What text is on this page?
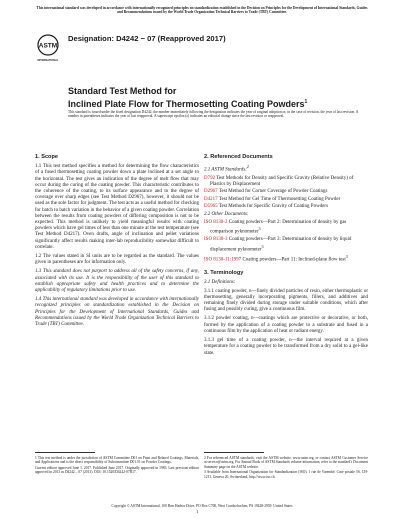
This international standard was developed in accordance with internationally recognized principles on standardization established in the Decision on Principles for the Development of International Standards, Guides and Recommendations issued by the World Trade Organization Technical Barriers to Trade (TBT) Committee.
ASTM
INTERNATIONAL
Designation: D4242 − 07 (Reapproved 2017)
Standard Test Method for
Inclined Plate Flow for Thermosetting Coating Powders$^1$
This standard is issued under the fixed designation D4242; the number immediately following the designation indicates the year of original adoption or, in the case of revision, the year of last revision. A number in parentheses indicates the year of last reapproval. A superscript epsilon (ε) indicates an editorial change since the last revision or reapproval.
1. Scope

1.1 This test method specifies a method for determining the flow characteristics of a fused thermosetting coating powder down a plate inclined at a set angle to the horizontal. The test gives an indication of the degree of melt flow that may occur during the curing of the coating powder. This characteristic contributes to the coherence of the coating, to its surface appearance and to the degree of coverage over sharp edges (see Test Method D2967), however, it should not be used as the sole factor for judgment. The test acts as a useful method for checking for batch to batch variation in the behavior of a given coating powder. Correlation between the results from coating powders of differing composition is not to be expected. This method is unlikely to yield meaningful results with coating powders which have gel times of less than one minute at the test temperature (see Test Method D4217). Oven drafts, angle of inclination and pellet variations significantly affect results making inter-lab reproducibility somewhat difficult to correlate.

1.2 The values stated in SI units are to be regarded as the standard. The values given in parentheses are for information only.

1.3 This standard does not purport to address all of the safety concerns, if any, associated with its use. It is the responsibility of the user of this standard to establish appropriate safety and health practices and to determine the applicability of regulatory limitations prior to use.

1.4 This international standard was developed in accordance with internationally recognized principles on standardization established in the Decision on Principles for the Development of International Standards, Guides and Recommendations issued by the World Trade Organization Technical Barriers to Trade (TBT) Committee.

2. Referenced Documents
2.1 ASTM Standards:$^2$
D792 Test Methods for Density and Specific Gravity (Relative Density) of Plastics by Displacement
D2967 Test Method for Corner Coverage of Powder Coatings
D4217 Test Method for Gel Time of Thermosetting Coating Powder
D5965 Test Methods for Specific Gravity of Coating Powders
2.2 Other Documents:
ISO 8130-2 Coating powders—Part 2: Determination of density by gas comparison pyknometer$^3$
ISO 8130-3 Coating powders—Part 3: Determination of density by liquid displacement pyknometer$^3$
ISO 8130-11:1997 Coating powders—Part 11: Inclined-plane flow test$^3$
3. Terminology
3.1 Definitions:

3.1.1 coating powder, n—finely divided particles of resin, either thermoplastic or thermosetting, generally incorporating pigments, fillers, and additives and remaining finely divided during storage under suitable conditions, which after fusing and possibly curing, give a continuous film.

3.1.2 powder coating, n—coatings which are protective or decorative, or both, formed by the application of a coating powder to a substrate and fused in a continuous film by the application of heat or radiant energy.

3.1.3 gel time of a coating powder, n—the interval required at a given temperature for a coating powder to be transformed from a dry solid to a gel-like state.

1 This test method is under the jurisdiction of ASTM Committee D01 on Paint and Related Coatings, Materials, and Applications and is the direct responsibility of Subcommittee D01.51 on Powder Coatings.

Current edition approved June 1, 2017. Published June 2017. Originally approved in 1983. Last previous edition approved in 2013 as D4242 – 07 (2013). DOI: 10.1520/D4242-07R17.

2 For referenced ASTM standards, visit the ASTM website, www.astm.org, or contact ASTM Customer Service at service@astm.org. For Annual Book of ASTM Standards volume information, refer to the standard's Document Summary page on the ASTM website.

3 Available from International Organization for Standardization (ISO), 1 rue de Varembé, Case postale 56, CH-1211, Geneva 20, Switzerland, http://www.iso.ch.

Copyright © ASTM International, 100 Barr Harbor Drive, PO Box C700, West Conshohocken, PA 19428-2959. United States
1
